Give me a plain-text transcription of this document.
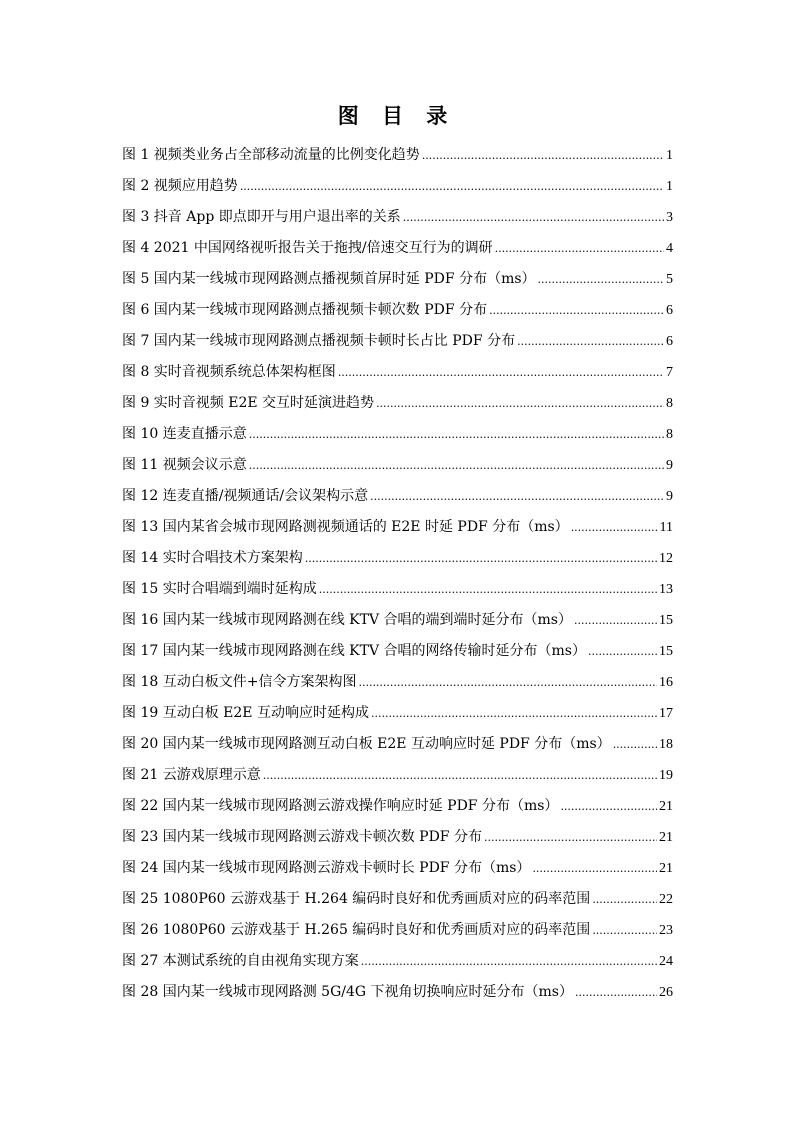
图 目 录
图 1 视频类业务占全部移动流量的比例变化趋势 .....	1
图 2 视频应用趋势 .....	1
图 3 抖音 App 即点即开与用户退出率的关系 .....	3
图 4 2021 中国网络视听报告关于拖拽/倍速交互行为的调研 .....	4
图 5 国内某一线城市现网路测点播视频首屏时延 PDF 分布（ms） .....	5
图 6 国内某一线城市现网路测点播视频卡顿次数 PDF 分布 .....	6
图 7 国内某一线城市现网路测点播视频卡顿时长占比 PDF 分布 .....	6
图 8 实时音视频系统总体架构框图 .....	7
图 9 实时音视频 E2E 交互时延演进趋势 .....	8
图 10 连麦直播示意 .....	8
图 11 视频会议示意 .....	9
图 12 连麦直播/视频通话/会议架构示意 .....	9
图 13 国内某省会城市现网路测视频通话的 E2E 时延 PDF 分布（ms） .....	11
图 14 实时合唱技术方案架构 .....	12
图 15 实时合唱端到端时延构成 .....	13
图 16 国内某一线城市现网路测在线 KTV 合唱的端到端时延分布（ms） .....	15
图 17 国内某一线城市现网路测在线 KTV 合唱的网络传输时延分布（ms） .....	15
图 18 互动白板文件+信令方案架构图 .....	16
图 19 互动白板 E2E 互动响应时延构成 .....	17
图 20 国内某一线城市现网路测互动白板 E2E 互动响应时延 PDF 分布（ms） .....	18
图 21 云游戏原理示意 .....	19
图 22 国内某一线城市现网路测云游戏操作响应时延 PDF 分布（ms） .....	21
图 23 国内某一线城市现网路测云游戏卡顿次数 PDF 分布 .....	21
图 24 国内某一线城市现网路测云游戏卡顿时长 PDF 分布（ms） .....	21
图 25 1080P60 云游戏基于 H.264 编码时良好和优秀画质对应的码率范围 .....	22
图 26 1080P60 云游戏基于 H.265 编码时良好和优秀画质对应的码率范围 .....	23
图 27 本测试系统的自由视角实现方案 .....	24
图 28 国内某一线城市现网路测 5G/4G 下视角切换响应时延分布（ms） .....	26
